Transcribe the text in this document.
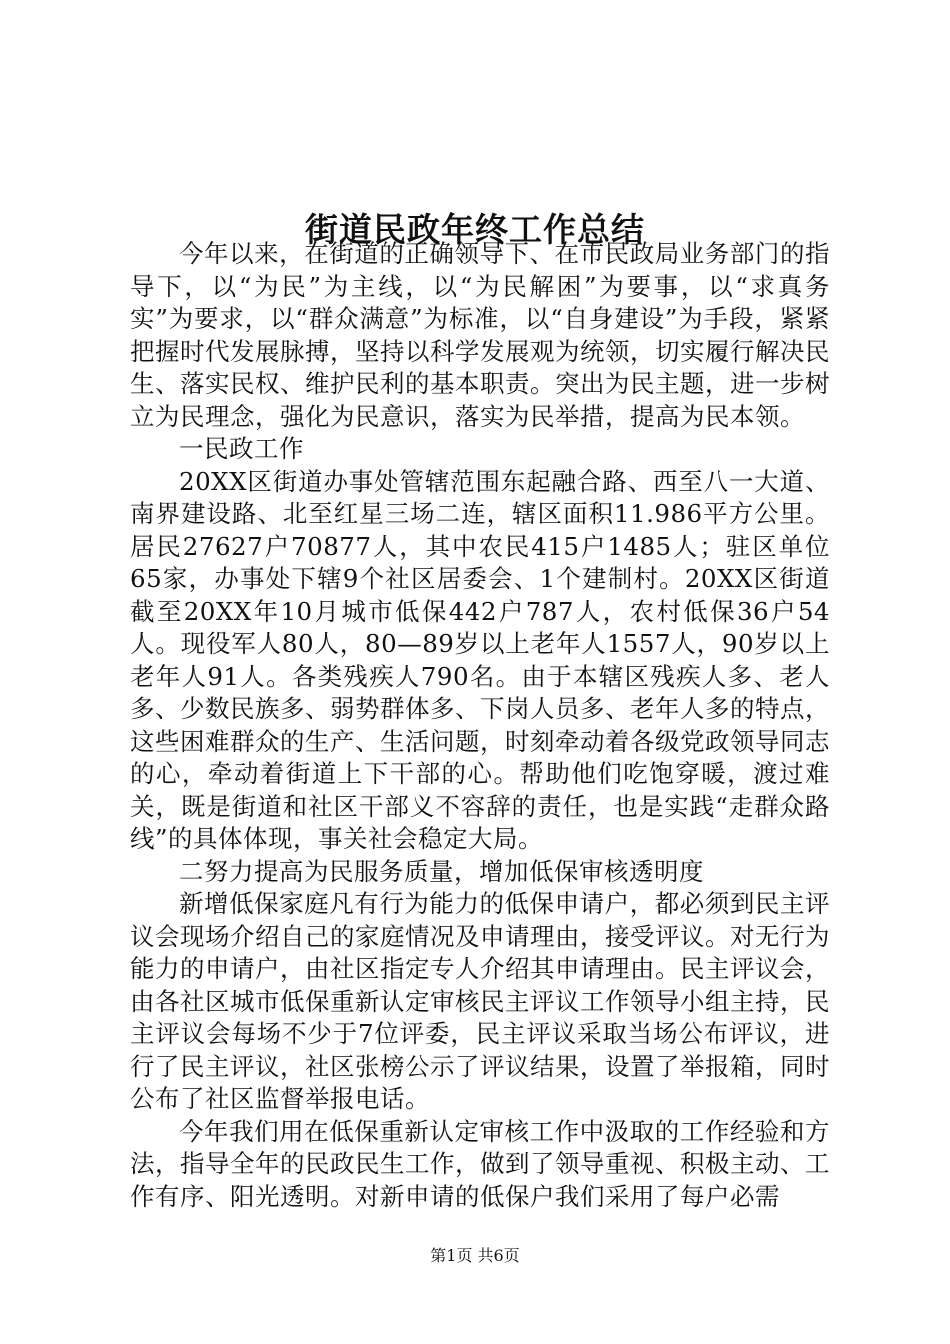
街道民政年终工作总结

今年以来，在街道的正确领导下、在市民政局业务部门的指导下，以“为民”为主线，以“为民解困”为要事，以“求真务实”为要求，以“群众满意”为标准，以“自身建设”为手段，紧紧把握时代发展脉搏，坚持以科学发展观为统领，切实履行解决民生、落实民权、维护民利的基本职责。突出为民主题，进一步树立为民理念，强化为民意识，落实为民举措，提高为民本领。

一民政工作

20XX区街道办事处管辖范围东起融合路、西至八一大道、南界建设路、北至红星三场二连，辖区面积11.986平方公里。居民27627户70877人，其中农民415户1485人；驻区单位65家，办事处下辖9个社区居委会、1个建制村。20XX区街道截至20XX年10月城市低保442户787人，农村低保36户54人。现役军人80人，80—89岁以上老年人1557人，90岁以上老年人91人。各类残疾人790名。由于本辖区残疾人多、老人多、少数民族多、弱势群体多、下岗人员多、老年人多的特点，这些困难群众的生产、生活问题，时刻牵动着各级党政领导同志的心，牵动着街道上下干部的心。帮助他们吃饱穿暖，渡过难关，既是街道和社区干部义不容辞的责任，也是实践“走群众路线”的具体体现，事关社会稳定大局。

二努力提高为民服务质量，增加低保审核透明度

新增低保家庭凡有行为能力的低保申请户，都必须到民主评议会现场介绍自己的家庭情况及申请理由，接受评议。对无行为能力的申请户，由社区指定专人介绍其申请理由。民主评议会，由各社区城市低保重新认定审核民主评议工作领导小组主持，民主评议会每场不少于7位评委，民主评议采取当场公布评议，进行了民主评议，社区张榜公示了评议结果，设置了举报箱，同时公布了社区监督举报电话。

今年我们用在低保重新认定审核工作中汲取的工作经验和方法，指导全年的民政民生工作，做到了领导重视、积极主动、工作有序、阳光透明。对新申请的低保户我们采用了每户必需

第1页 共6页
